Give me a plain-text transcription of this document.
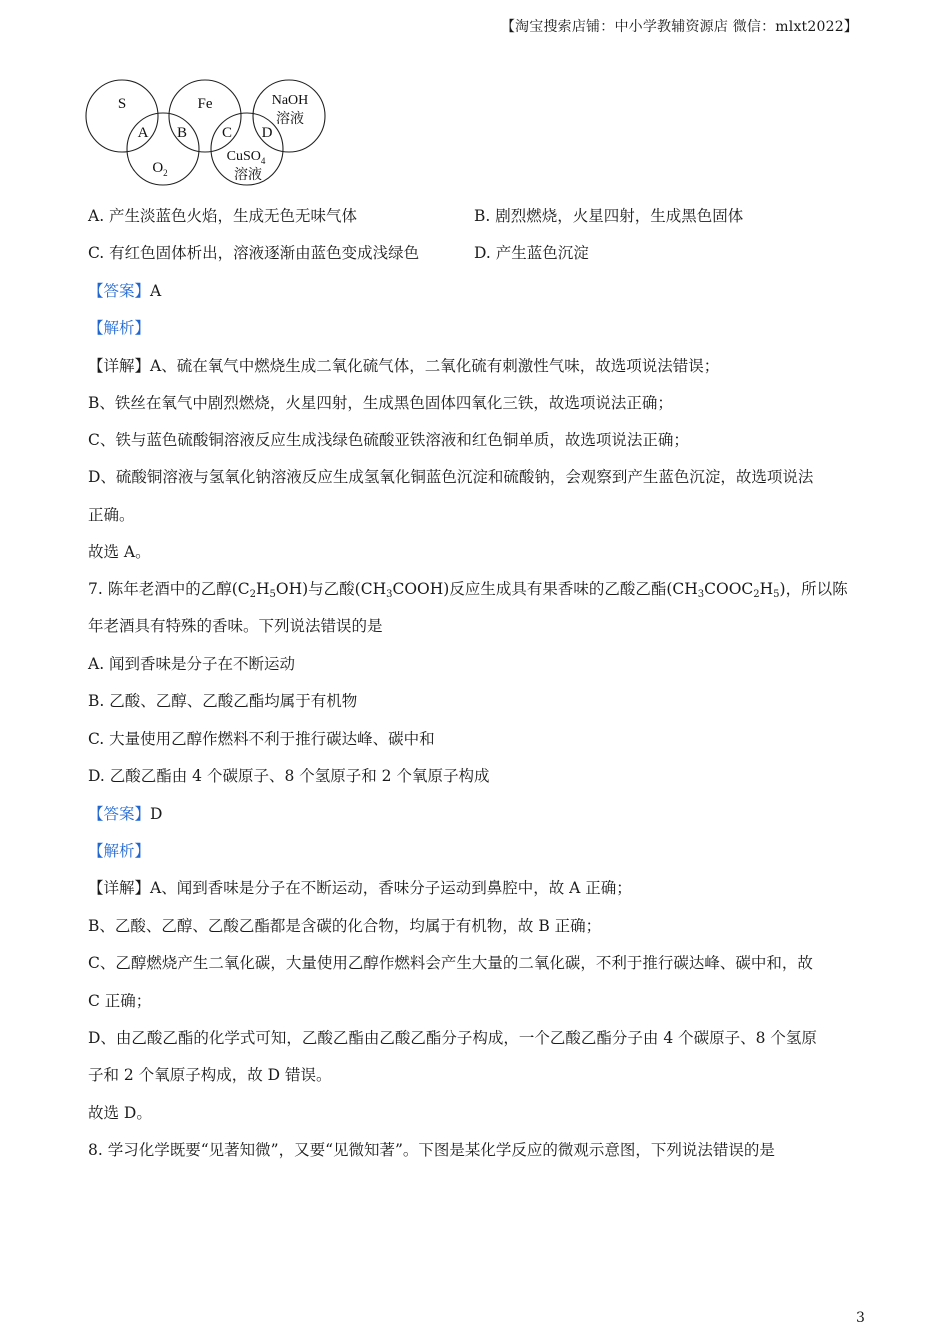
【淘宝搜索店铺：中小学教辅资源店 微信：mlxt2022】
S	Fe	NaOH
溶液
$O_2$
CuSO$_4$
溶液
A B C D
A. 产生淡蓝色火焰，生成无色无味气体	B. 剧烈燃烧，火星四射，生成黑色固体
C. 有红色固体析出，溶液逐渐由蓝色变成浅绿色	D. 产生蓝色沉淀
【答案】A
【解析】
【详解】A、硫在氧气中燃烧生成二氧化硫气体，二氧化硫有刺激性气味，故选项说法错误；
B、铁丝在氧气中剧烈燃烧，火星四射，生成黑色固体四氧化三铁，故选项说法正确；
C、铁与蓝色硫酸铜溶液反应生成浅绿色硫酸亚铁溶液和红色铜单质，故选项说法正确；
D、硫酸铜溶液与氢氧化钠溶液反应生成氢氧化铜蓝色沉淀和硫酸钠，会观察到产生蓝色沉淀，故选项说法
正确。
故选 A。
7. 陈年老酒中的乙醇$(C_2H_5OH)$与乙酸$(CH_3COOH)$反应生成具有果香味的乙酸乙酯$(CH_3COOC_2H_5)$，所以陈
年老酒具有特殊的香味。下列说法错误的是
A. 闻到香味是分子在不断运动
B. 乙酸、乙醇、乙酸乙酯均属于有机物
C. 大量使用乙醇作燃料不利于推行碳达峰、碳中和
D. 乙酸乙酯由 4 个碳原子、8 个氢原子和 2 个氧原子构成
【答案】D
【解析】
【详解】A、闻到香味是分子在不断运动，香味分子运动到鼻腔中，故 A 正确；
B、乙酸、乙醇、乙酸乙酯都是含碳的化合物，均属于有机物，故 B 正确；
C、乙醇燃烧产生二氧化碳，大量使用乙醇作燃料会产生大量的二氧化碳，不利于推行碳达峰、碳中和，故
C 正确；
D、由乙酸乙酯的化学式可知，乙酸乙酯由乙酸乙酯分子构成，一个乙酸乙酯分子由 4 个碳原子、8 个氢原
子和 2 个氧原子构成，故 D 错误。
故选 D。
8. 学习化学既要“见著知微”，又要“见微知著”。下图是某化学反应的微观示意图，下列说法错误的是
3
